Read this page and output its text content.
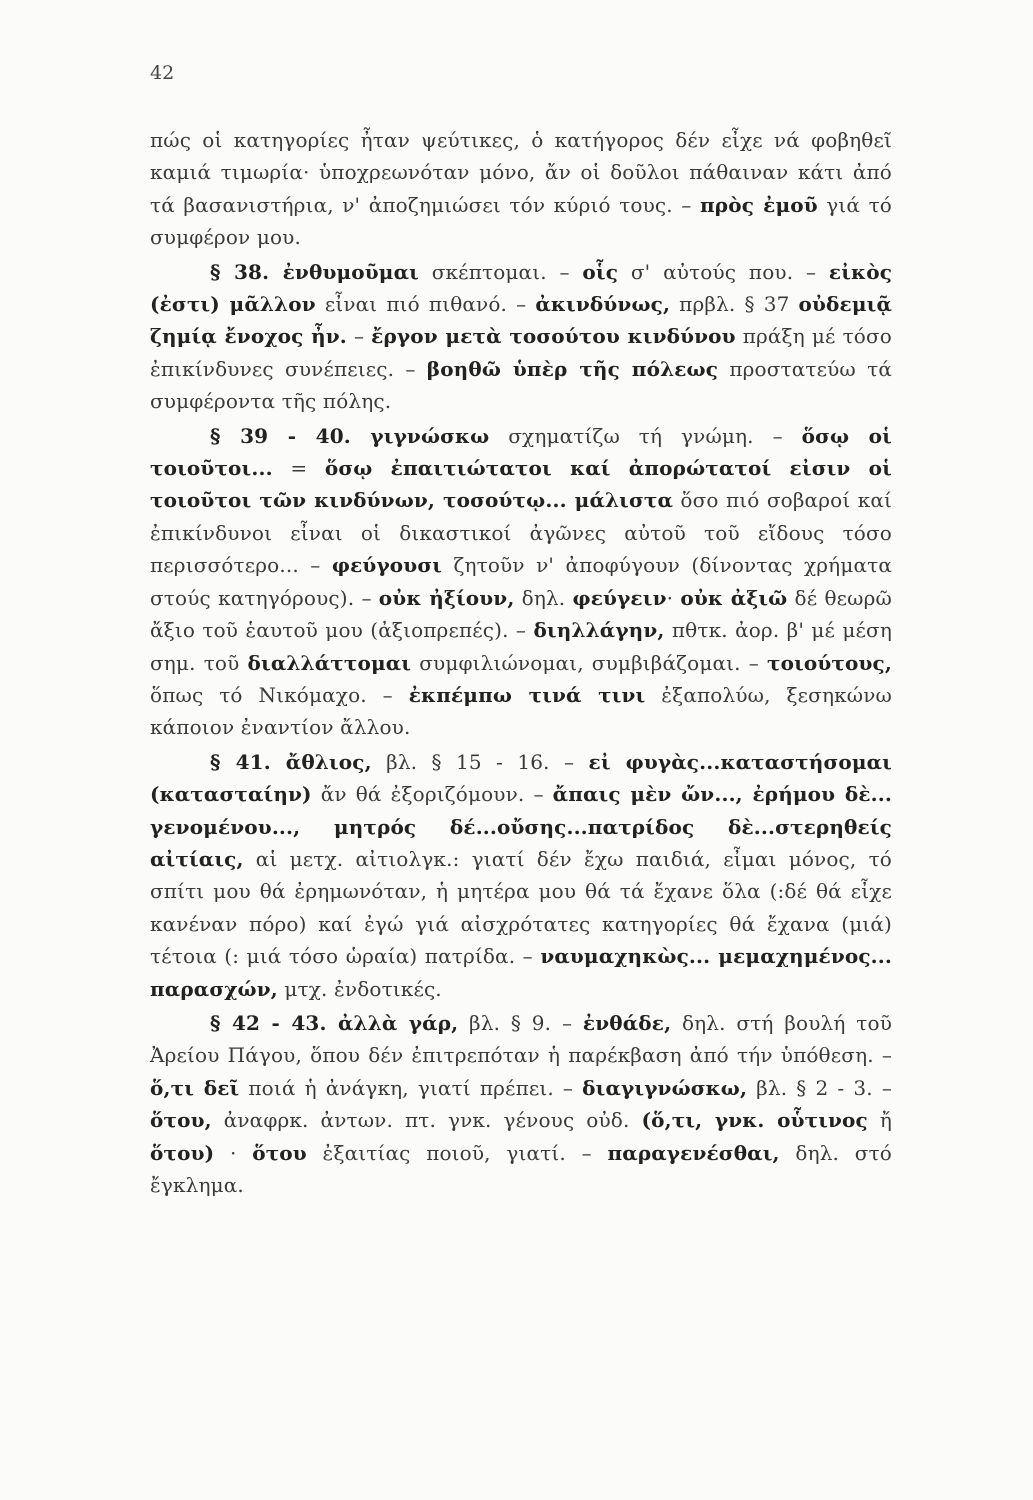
42

πώς οἱ κατηγορίες ἦταν ψεύτικες, ὁ κατήγορος δέν εἶχε νά φοβηθεῖ καμιά τιμωρία· ὑποχρεωνόταν μόνο, ἄν οἱ δοῦλοι πάθαιναν κάτι ἀπό τά βασανιστήρια, ν' ἀποζημιώσει τόν κύριό τους. – πρὸς ἐμοῦ γιά τό συμφέρον μου.

§ 38. ἐνθυμοῦμαι σκέπτομαι. – οἷς σ' αὐτούς που. – εἰκὸς (ἐστι) μᾶλλον εἶναι πιό πιθανό. – ἀκινδύνως, πρβλ. § 37 οὐδεμιᾷ ζημίᾳ ἔνοχος ἦν. – ἔργον μετὰ τοσούτου κινδύνου πράξη μέ τόσο ἐπικίνδυνες συνέπειες. – βοηθῶ ὑπὲρ τῆς πόλεως προστατεύω τά συμφέροντα τῆς πόλης.

§ 39 - 40. γιγνώσκω σχηματίζω τή γνώμη. – ὅσῳ οἱ τοιοῦτοι... = ὅσῳ ἐπαιτιώτατοι καί ἀπορώτατοί εἰσιν οἱ τοιοῦτοι τῶν κινδύνων, τοσούτῳ... μάλιστα ὅσο πιό σοβαροί καί ἐπικίνδυνοι εἶναι οἱ δικαστικοί ἀγῶνες αὐτοῦ τοῦ εἴδους τόσο περισσότερο... – φεύγουσι ζητοῦν ν' ἀποφύγουν (δίνοντας χρήματα στούς κατηγόρους). – οὐκ ἠξίουν, δηλ. φεύγειν· οὐκ ἀξιῶ δέ θεωρῶ ἄξιο τοῦ ἑαυτοῦ μου (ἀξιοπρεπές). – διηλλάγην, πθτκ. ἀορ. β' μέ μέση σημ. τοῦ διαλλάττομαι συμφιλιώνομαι, συμβιβάζομαι. – τοιούτους, ὅπως τό Νικόμαχο. – ἐκπέμπω τινά τινι ἐξαπολύω, ξεσηκώνω κάποιον ἐναντίον ἄλλου.

§ 41. ἄθλιος, βλ. § 15 - 16. – εἰ φυγὰς...καταστήσομαι (κατασταίην) ἄν θά ἐξοριζόμουν. – ἄπαις μὲν ὤν..., ἐρήμου δὲ... γενομένου..., μητρός δέ...οὔσης...πατρίδος δὲ...στερηθείς αἰτίαις, αἱ μετχ. αἰτιολγκ.: γιατί δέν ἔχω παιδιά, εἶμαι μόνος, τό σπίτι μου θά ἐρημωνόταν, ἡ μητέρα μου θά τά ἔχανε ὅλα (:δέ θά εἶχε κανέναν πόρο) καί ἐγώ γιά αἰσχρότατες κατηγορίες θά ἔχανα (μιά) τέτοια (: μιά τόσο ὡραία) πατρίδα. – ναυμαχηκὼς... μεμαχημένος... παρασχών, μτχ. ἐνδοτικές.

§ 42 - 43. ἀλλὰ γάρ, βλ. § 9. – ἐνθάδε, δηλ. στή βουλή τοῦ Ἀρείου Πάγου, ὅπου δέν ἐπιτρεπόταν ἡ παρέκβαση ἀπό τήν ὑπόθεση. – ὅ,τι δεῖ ποιά ἡ ἀνάγκη, γιατί πρέπει. – διαγιγνώσκω, βλ. § 2 - 3. – ὅτου, ἀναφρκ. ἀντων. πτ. γνκ. γένους οὐδ. (ὅ,τι, γνκ. οὗτινος ἤ ὅτου) · ὅτου ἐξαιτίας ποιοῦ, γιατί. – παραγενέσθαι, δηλ. στό ἔγκλημα.
